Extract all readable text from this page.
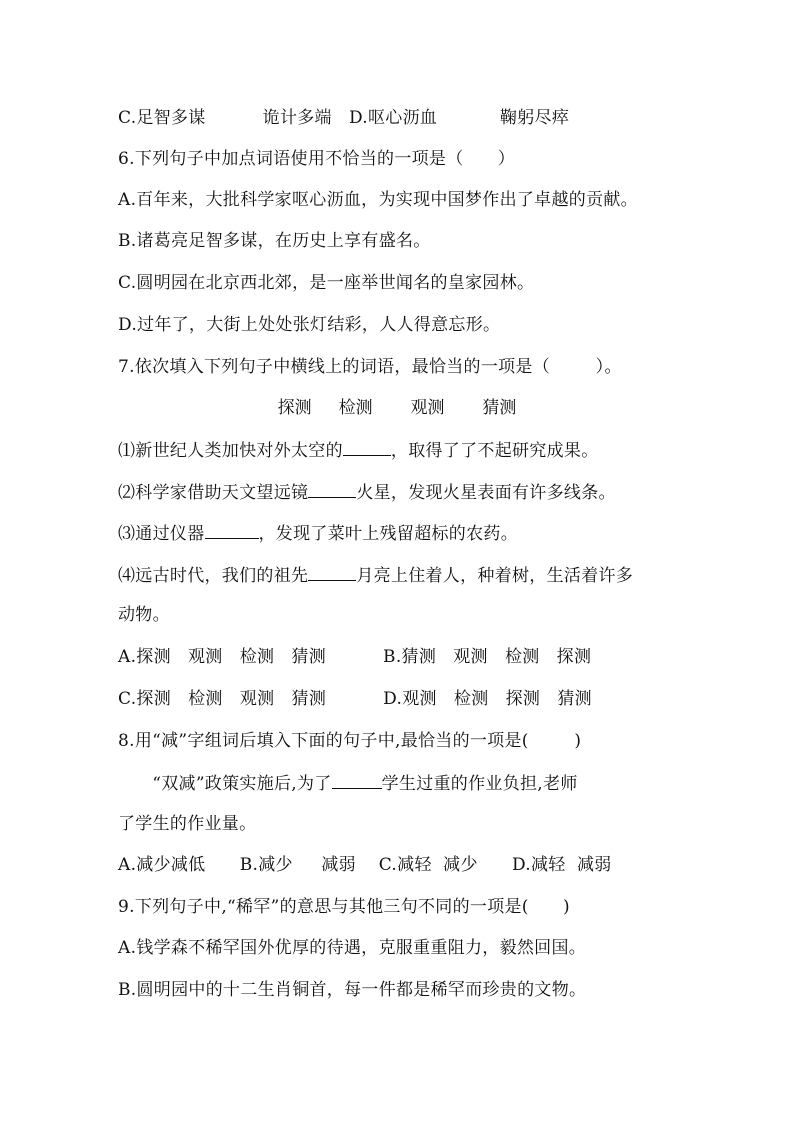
C.足智多谋          诡计多端   D.呕心沥血           鞠躬尽瘁
6.下列句子中加点词语使用不恰当的一项是（      ）
A.百年来，大批科学家呕心沥血，为实现中国梦作出了卓越的贡献。
B.诸葛亮足智多谋，在历史上享有盛名。
C.圆明园在北京西北郊，是一座举世闻名的皇家园林。
D.过年了，大街上处处张灯结彩，人人得意忘形。
7.依次填入下列句子中横线上的词语，最恰当的一项是（        ）。
探测     检测       观测       猜测
⑴新世纪人类加快对外太空的	，取得了了不起研究成果。
⑵科学家借助天文望远镜	火星，发现火星表面有许多线条。
⑶通过仪器	，发现了菜叶上残留超标的农药。
⑷远古时代，我们的祖先	月亮上住着人，种着树，生活着许多
动物。
A.探测   观测   检测   猜测          B.猜测   观测   检测   探测
C.探测   检测   观测   猜测          D.观测   检测   探测   猜测
8.用“减”字组词后填入下面的句子中,最恰当的一项是(        )
“双减”政策实施后,为了	学生过重的作业负担,老师
了学生的作业量。
A.减少减低      B.减少     减弱    C.减轻  减少      D.减轻  减弱
9.下列句子中,“稀罕”的意思与其他三句不同的一项是(      )
A.钱学森不稀罕国外优厚的待遇，克服重重阻力，毅然回国。
B.圆明园中的十二生肖铜首，每一件都是稀罕而珍贵的文物。
